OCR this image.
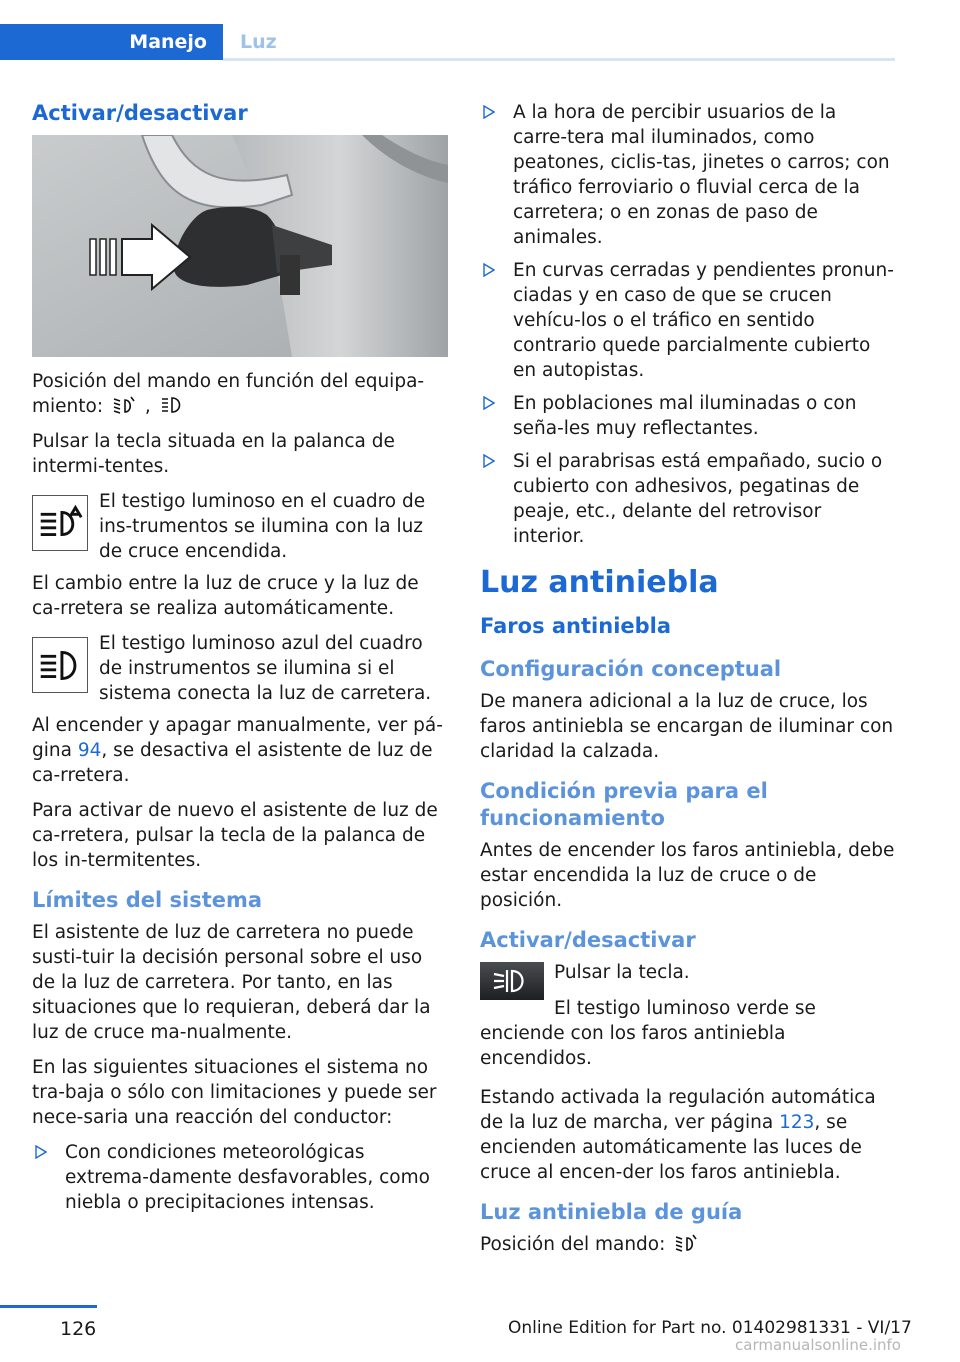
Manejo Luz
Activar/desactivar

Posición del mando en función del equipa-miento: ,

Pulsar la tecla situada en la palanca de intermi-tentes.

El testigo luminoso en el cuadro de ins-trumentos se ilumina con la luz de cruce encendida.

El cambio entre la luz de cruce y la luz de ca-rretera se realiza automáticamente.

El testigo luminoso azul del cuadro de instrumentos se ilumina si el sistema conecta la luz de carretera.

Al encender y apagar manualmente, ver pá-gina 94, se desactiva el asistente de luz de ca-rretera.

Para activar de nuevo el asistente de luz de ca-rretera, pulsar la tecla de la palanca de los in-termitentes.

Límites del sistema

El asistente de luz de carretera no puede susti-tuir la decisión personal sobre el uso de la luz de carretera. Por tanto, en las situaciones que lo requieran, deberá dar la luz de cruce ma-nualmente.

En las siguientes situaciones el sistema no tra-baja o sólo con limitaciones y puede ser nece-saria una reacción del conductor:

Con condiciones meteorológicas extrema-damente desfavorables, como niebla o precipitaciones intensas.
A la hora de percibir usuarios de la carre-tera mal iluminados, como peatones, ciclis-tas, jinetes o carros; con tráfico ferroviario o fluvial cerca de la carretera; o en zonas de paso de animales.
En curvas cerradas y pendientes pronun-ciadas y en caso de que se crucen vehícu-los o el tráfico en sentido contrario quede parcialmente cubierto en autopistas.
En poblaciones mal iluminadas o con seña-les muy reflectantes.
Si el parabrisas está empañado, sucio o cubierto con adhesivos, pegatinas de peaje, etc., delante del retrovisor interior.
Luz antiniebla
Faros antiniebla
Configuración conceptual

De manera adicional a la luz de cruce, los faros antiniebla se encargan de iluminar con claridad la calzada.

Condición previa para el funcionamiento

Antes de encender los faros antiniebla, debe estar encendida la luz de cruce o de posición.

Activar/desactivar

Pulsar la tecla.

El testigo luminoso verde se enciende con los faros antiniebla encendidos.

Estando activada la regulación automática de la luz de marcha, ver página 123, se encienden automáticamente las luces de cruce al encen-der los faros antiniebla.

Luz antiniebla de guía

Posición del mando:

126	Online Edition for Part no. 01402981331 - VI/17
carmanualsonline.info
